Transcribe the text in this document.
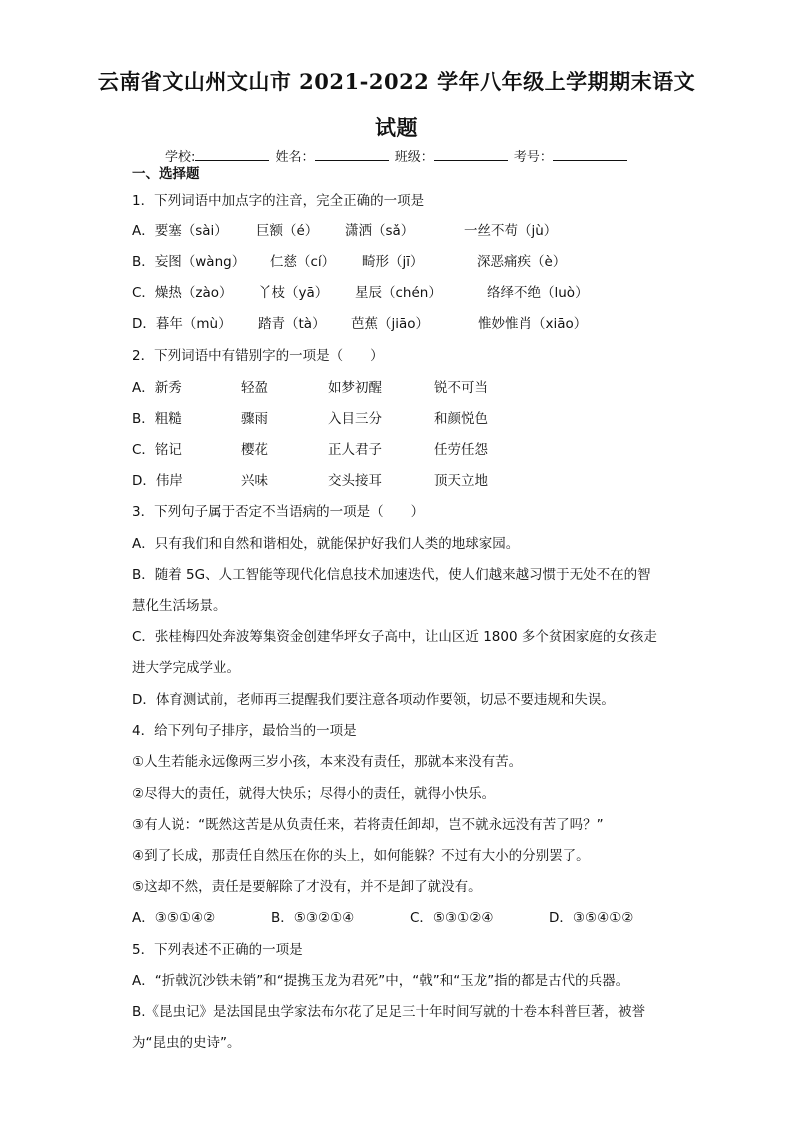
云南省文山州文山市 2021-2022 学年八年级上学期期末语文
试题
学校:	姓名：	班级：	考号：
一、选择题
1．下列词语中加点字的注音，完全正确的一项是
A．要塞（sài） 巨额（é） 潇洒（sǎ）	一丝不苟（jù）
B．妄图（wàng） 仁慈（cí） 畸形（jī）	深恶痛疾（è）
C．燥热（zào） 丫枝（yā） 星辰（chén）	络绎不绝（luò）
D．暮年（mù） 踏青（tà） 芭蕉（jiāo）	惟妙惟肖（xiāo）
2．下列词语中有错别字的一项是（　　）
A．新秀	轻盈	如梦初醒	锐不可当
B．粗糙	骤雨	入目三分	和颜悦色
C．铭记	樱花	正人君子	任劳任怨
D．伟岸	兴味	交头接耳	顶天立地
3．下列句子属于否定不当语病的一项是（　　）
A．只有我们和自然和谐相处，就能保护好我们人类的地球家园。
B．随着 5G、人工智能等现代化信息技术加速迭代，使人们越来越习惯于无处不在的智
慧化生活场景。
C．张桂梅四处奔波筹集资金创建华坪女子高中，让山区近 1800 多个贫困家庭的女孩走
进大学完成学业。
D．体育测试前，老师再三提醒我们要注意各项动作要领，切忌不要违规和失误。
4．给下列句子排序，最恰当的一项是
①人生若能永远像两三岁小孩，本来没有责任，那就本来没有苦。
②尽得大的责任，就得大快乐；尽得小的责任，就得小快乐。
③有人说：“既然这苦是从负责任来，若将责任卸却，岂不就永远没有苦了吗？”
④到了长成，那责任自然压在你的头上，如何能躲？不过有大小的分别罢了。
⑤这却不然，责任是要解除了才没有，并不是卸了就没有。
A．③⑤①④②	B．⑤③②①④	C．⑤③①②④	D．③⑤④①②
5．下列表述不正确的一项是
A．“折戟沉沙铁未销”和“提携玉龙为君死”中，“戟”和“玉龙”指的都是古代的兵器。
B.《昆虫记》是法国昆虫学家法布尔花了足足三十年时间写就的十卷本科普巨著，被誉
为“昆虫的史诗”。
